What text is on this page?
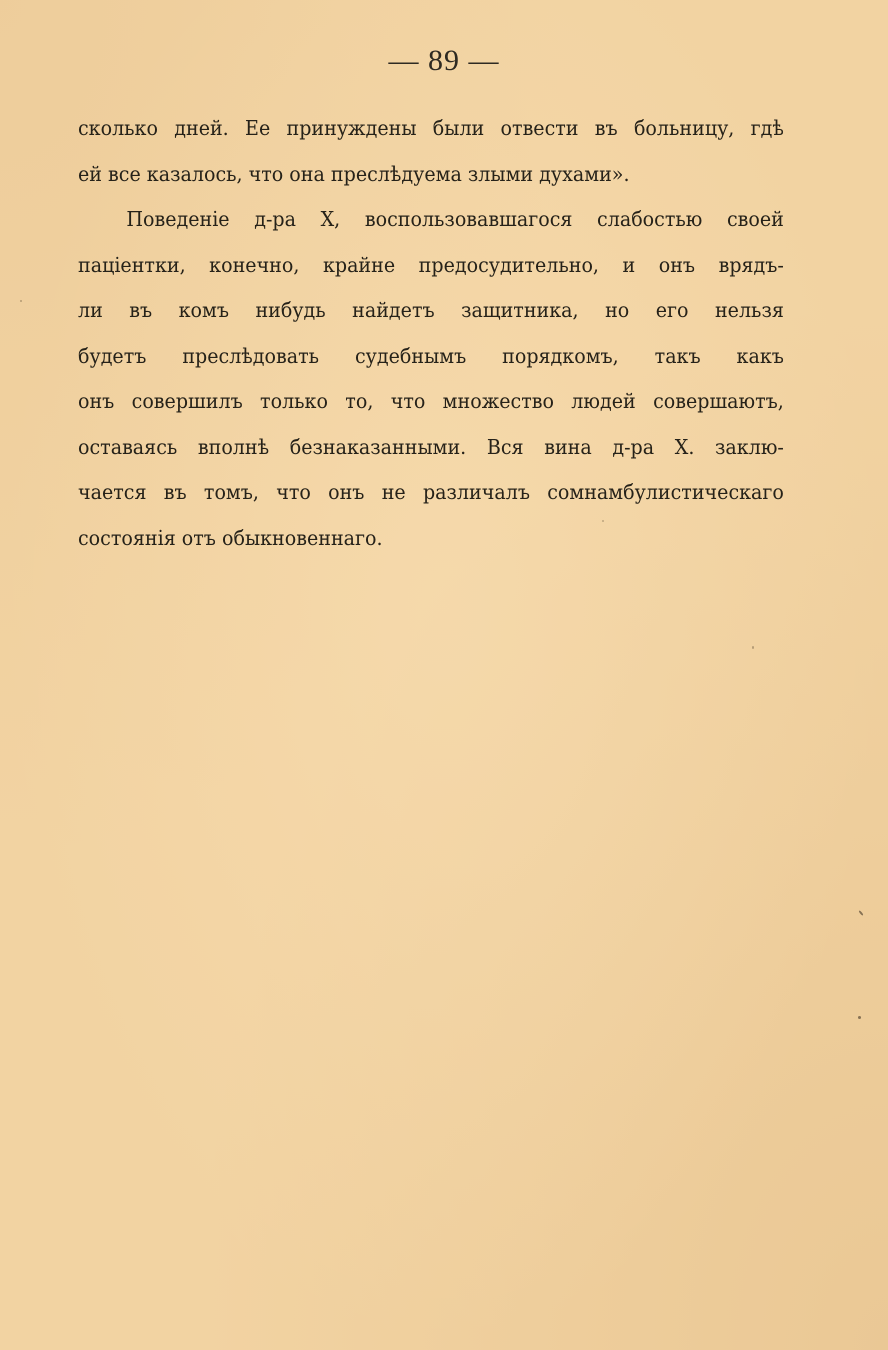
— 89 —
сколько дней. Ее принуждены были отвести въ больницу, гдѣ
ей все казалось, что она преслѣдуема злыми духами».
Поведеніе д-ра X, воспользовавшагося слабостью своей
паціентки, конечно, крайне предосудительно, и онъ врядъ-
ли въ комъ нибудь найдетъ защитника, но его нельзя
будетъ преслѣдовать судебнымъ порядкомъ, такъ какъ
онъ совершилъ только то, что множество людей совершаютъ,
оставаясь вполнѣ безнаказанными. Вся вина д-ра X. заклю-
чается въ томъ, что онъ не различалъ сомнамбулистическаго
состоянія отъ обыкновеннаго.
